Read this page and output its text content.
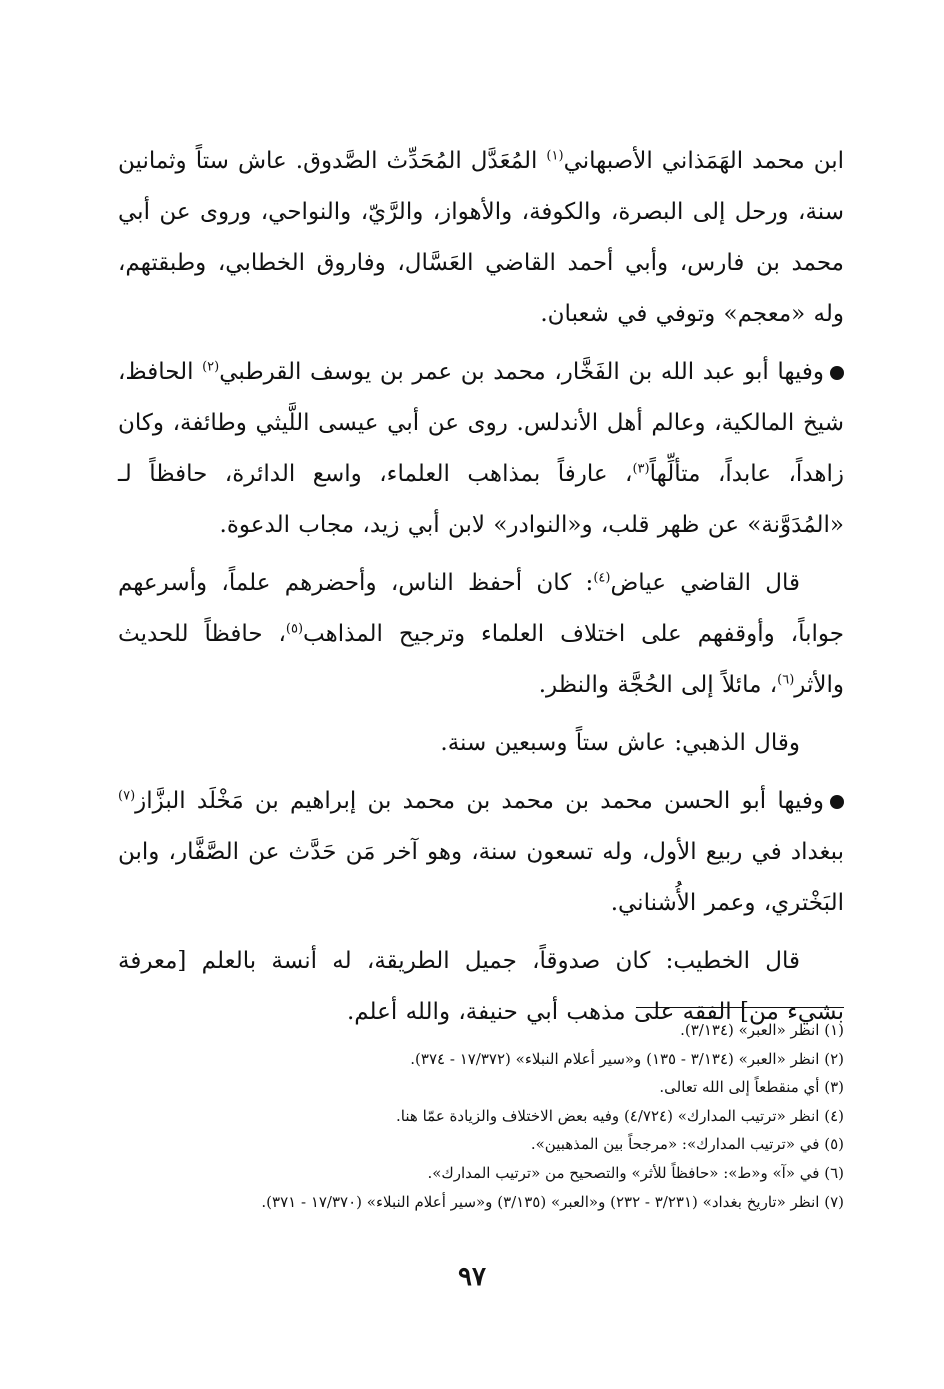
ابن محمد الهَمَذاني الأصبهاني$^{(١)}$ المُعَدَّل المُحَدِّث الصَّدوق. عاش ستاً وثمانين سنة، ورحل إلى البصرة، والكوفة، والأهواز، والرَّيّ، والنواحي، وروى عن أبي محمد بن فارس، وأبي أحمد القاضي العَسَّال، وفاروق الخطابي، وطبقتهم، وله «معجم» وتوفي في شعبان.

وفيها أبو عبد الله بن الفَخَّار، محمد بن عمر بن يوسف القرطبي$^{(٢)}$ الحافظ، شيخ المالكية، وعالم أهل الأندلس. روى عن أبي عيسى اللَّيثي وطائفة، وكان زاهداً، عابداً، متألِّهاً$^{(٣)}$، عارفاً بمذاهب العلماء، واسع الدائرة، حافظاً لـ «المُدَوَّنة» عن ظهر قلب، و«النوادر» لابن أبي زيد، مجاب الدعوة.

قال القاضي عياض$^{(٤)}$: كان أحفظ الناس، وأحضرهم علماً، وأسرعهم جواباً، وأوقفهم على اختلاف العلماء وترجيح المذاهب$^{(٥)}$، حافظاً للحديث والأثر$^{(٦)}$، مائلاً إلى الحُجَّة والنظر.

وقال الذهبي: عاش ستاً وسبعين سنة.

وفيها أبو الحسن محمد بن محمد بن محمد بن إبراهيم بن مَخْلَد البزَّاز$^{(٧)}$ ببغداد في ربيع الأول، وله تسعون سنة، وهو آخر مَن حَدَّث عن الصَّفَّار، وابن البَخْتري، وعمر الأُشناني.

قال الخطيب: كان صدوقاً، جميل الطريقة، له أنسة بالعلم [معرفة بشيء من] الفقه على مذهب أبي حنيفة، والله أعلم.

(١) انظر «العبر» (٣/١٣٤).
(٢) انظر «العبر» (٣/١٣٤ - ١٣٥) و«سير أعلام النبلاء» (١٧/٣٧٢ - ٣٧٤).
(٣) أي منقطعاً إلى الله تعالى.
(٤) انظر «ترتيب المدارك» (٤/٧٢٤) وفيه بعض الاختلاف والزيادة عمّا هنا.
(٥) في «ترتيب المدارك»: «مرجحاً بين المذهبين».
(٦) في «آ» و«ط»: «حافظاً للأثر» والتصحيح من «ترتيب المدارك».
(٧) انظر «تاريخ بغداد» (٣/٢٣١ - ٢٣٢) و«العبر» (٣/١٣٥) و«سير أعلام النبلاء» (١٧/٣٧٠ - ٣٧١).
٩٧
